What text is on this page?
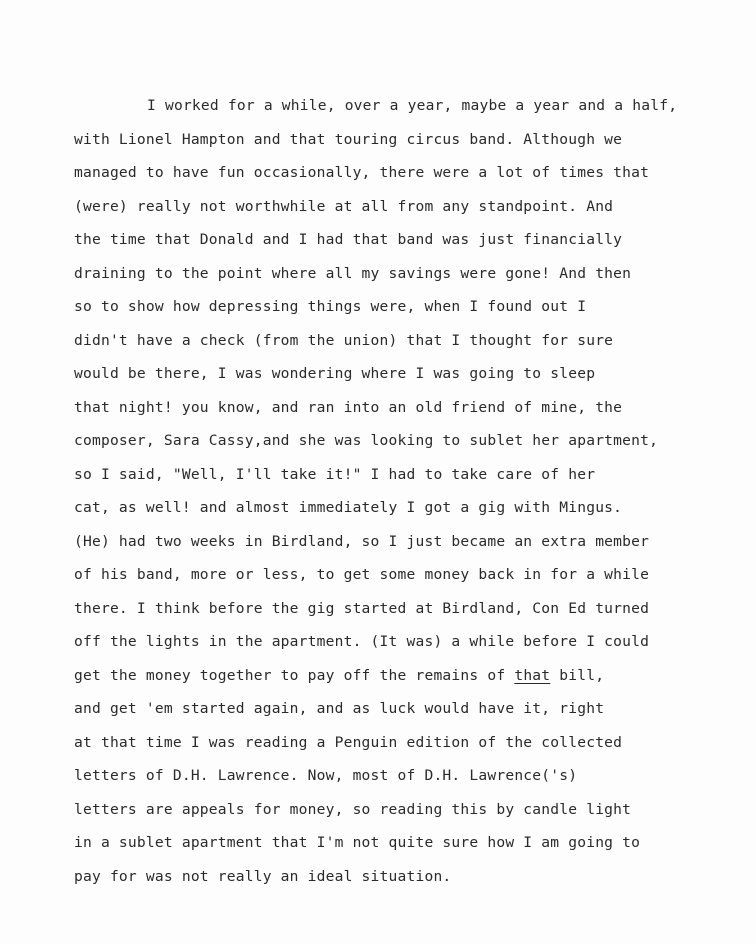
I worked for a while, over a year, maybe a year and a half,
with Lionel Hampton and that touring circus band. Although we
managed to have fun occasionally, there were a lot of times that
(were) really not worthwhile at all from any standpoint. And
the time that Donald and I had that band was just financially
draining to the point where all my savings were gone! And then
so to show how depressing things were, when I found out I
didn't have a check (from the union) that I thought for sure
would be there, I was wondering where I was going to sleep
that night! you know, and ran into an old friend of mine, the
composer, Sara Cassy,and she was looking to sublet her apartment,
so I said, "Well, I'll take it!" I had to take care of her
cat, as well! and almost immediately I got a gig with Mingus.
(He) had two weeks in Birdland, so I just became an extra member
of his band, more or less, to get some money back in for a while
there. I think before the gig started at Birdland, Con Ed turned
off the lights in the apartment. (It was) a while before I could
get the money together to pay off the remains of that bill,
and get 'em started again, and as luck would have it, right
at that time I was reading a Penguin edition of the collected
letters of D.H. Lawrence. Now, most of D.H. Lawrence('s)
letters are appeals for money, so reading this by candle light
in a sublet apartment that I'm not quite sure how I am going to
pay for was not really an ideal situation.
